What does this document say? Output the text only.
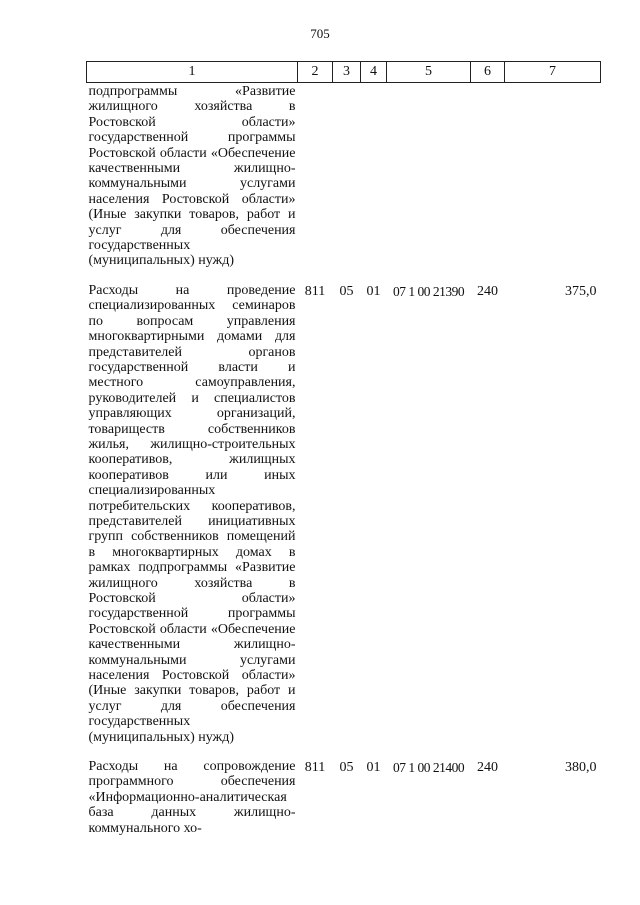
705
1	2	3	4	5	6	7
подпрограммы «Развитие жилищного хозяйства в Ростовской области» государственной программы Ростовской области «Обеспечение качественными жилищно-коммунальными услугами населения Ростовской области» (Иные закупки товаров, работ и услуг для обеспечения государственных (муниципальных) нужд)						
Расходы на проведение специализированных семинаров по вопросам управления многоквартирными домами для представителей органов государственной власти и местного самоуправления, руководителей и специалистов управляющих организаций, товариществ собственников жилья, жилищно-строительных кооперативов, жилищных кооперативов или иных специализированных потребительских кооперативов, представителей инициативных групп собственников помещений в многоквартирных домах в рамках подпрограммы «Развитие жилищного хозяйства в Ростовской области» государственной программы Ростовской области «Обеспечение качественными жилищно-коммунальными услугами населения Ростовской области» (Иные закупки товаров, работ и услуг для обеспечения государственных (муниципальных) нужд)	811	05	01	07 1 00 21390	240	375,0
Расходы на сопровождение программного обеспечения «Информационно-аналитическая база данных жилищно-коммунального хо-	811	05	01	07 1 00 21400	240	380,0
